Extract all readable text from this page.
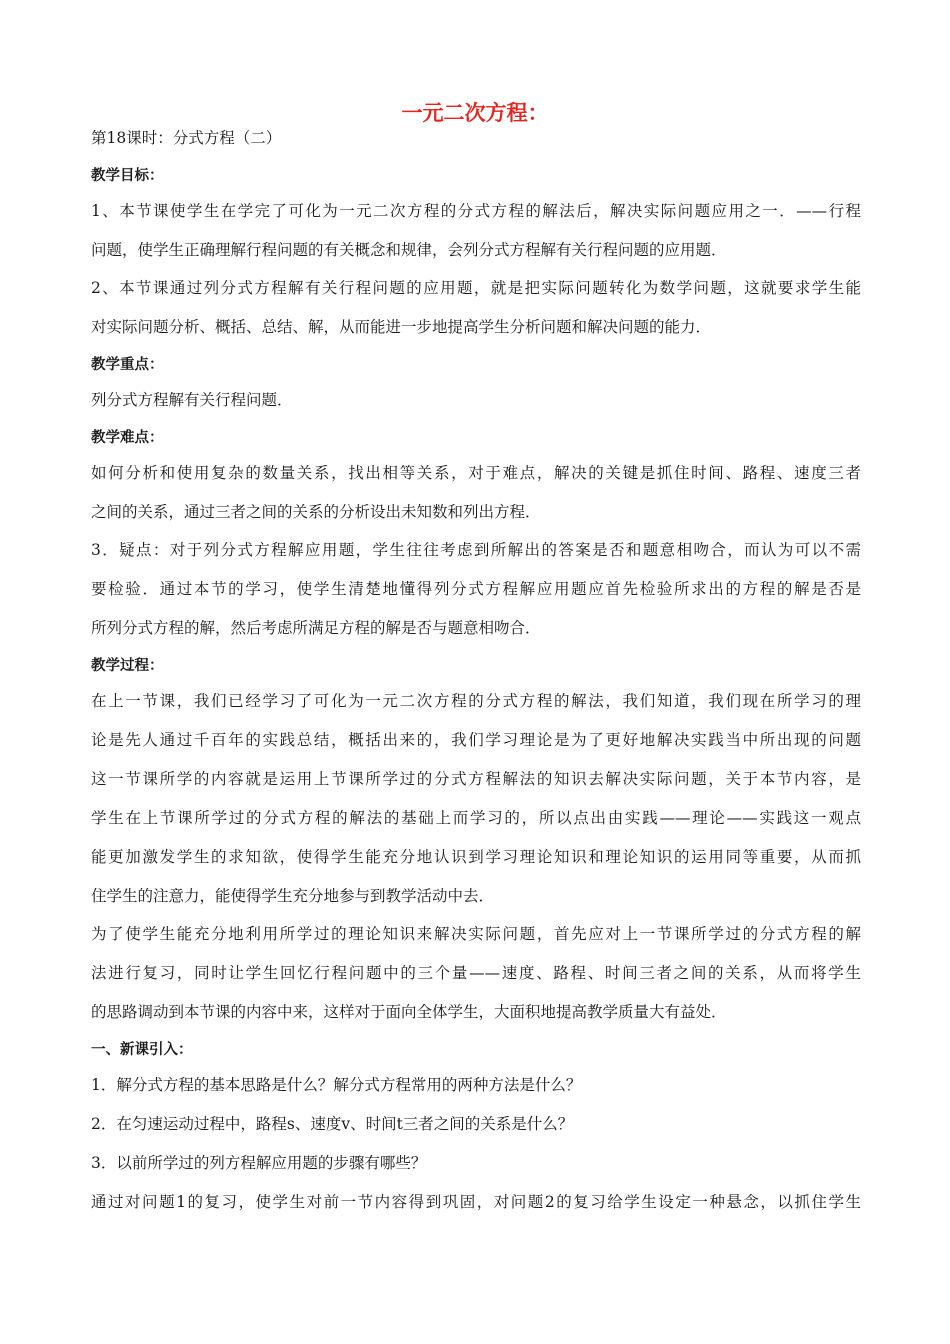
一元二次方程：

第18课时：分式方程（二）

教学目标：

1、本节课使学生在学完了可化为一元二次方程的分式方程的解法后，解决实际问题应用之一．——行程

问题，使学生正确理解行程问题的有关概念和规律，会列分式方程解有关行程问题的应用题．

2、本节课通过列分式方程解有关行程问题的应用题，就是把实际问题转化为数学问题，这就要求学生能

对实际问题分析、概括、总结、解，从而能进一步地提高学生分析问题和解决问题的能力．

教学重点：

列分式方程解有关行程问题．

教学难点：

如何分析和使用复杂的数量关系，找出相等关系，对于难点，解决的关键是抓住时间、路程、速度三者

之间的关系，通过三者之间的关系的分析设出未知数和列出方程．

3．疑点：对于列分式方程解应用题，学生往往考虑到所解出的答案是否和题意相吻合，而认为可以不需

要检验．通过本节的学习，使学生清楚地懂得列分式方程解应用题应首先检验所求出的方程的解是否是

所列分式方程的解，然后考虑所满足方程的解是否与题意相吻合．

教学过程：

在上一节课，我们已经学习了可化为一元二次方程的分式方程的解法，我们知道，我们现在所学习的理

论是先人通过千百年的实践总结，概括出来的，我们学习理论是为了更好地解决实践当中所出现的问题

这一节课所学的内容就是运用上节课所学过的分式方程解法的知识去解决实际问题，关于本节内容，是

学生在上节课所学过的分式方程的解法的基础上而学习的，所以点出由实践——理论——实践这一观点

能更加激发学生的求知欲，使得学生能充分地认识到学习理论知识和理论知识的运用同等重要，从而抓

住学生的注意力，能使得学生充分地参与到教学活动中去．

为了使学生能充分地利用所学过的理论知识来解决实际问题，首先应对上一节课所学过的分式方程的解

法进行复习，同时让学生回忆行程问题中的三个量——速度、路程、时间三者之间的关系，从而将学生

的思路调动到本节课的内容中来，这样对于面向全体学生，大面积地提高教学质量大有益处．

一、新课引入：

1．解分式方程的基本思路是什么？解分式方程常用的两种方法是什么？

2．在匀速运动过程中，路程s、速度v、时间t三者之间的关系是什么？

3．以前所学过的列方程解应用题的步骤有哪些？

通过对问题1的复习，使学生对前一节内容得到巩固，对问题2的复习给学生设定一种悬念，以抓住学生
